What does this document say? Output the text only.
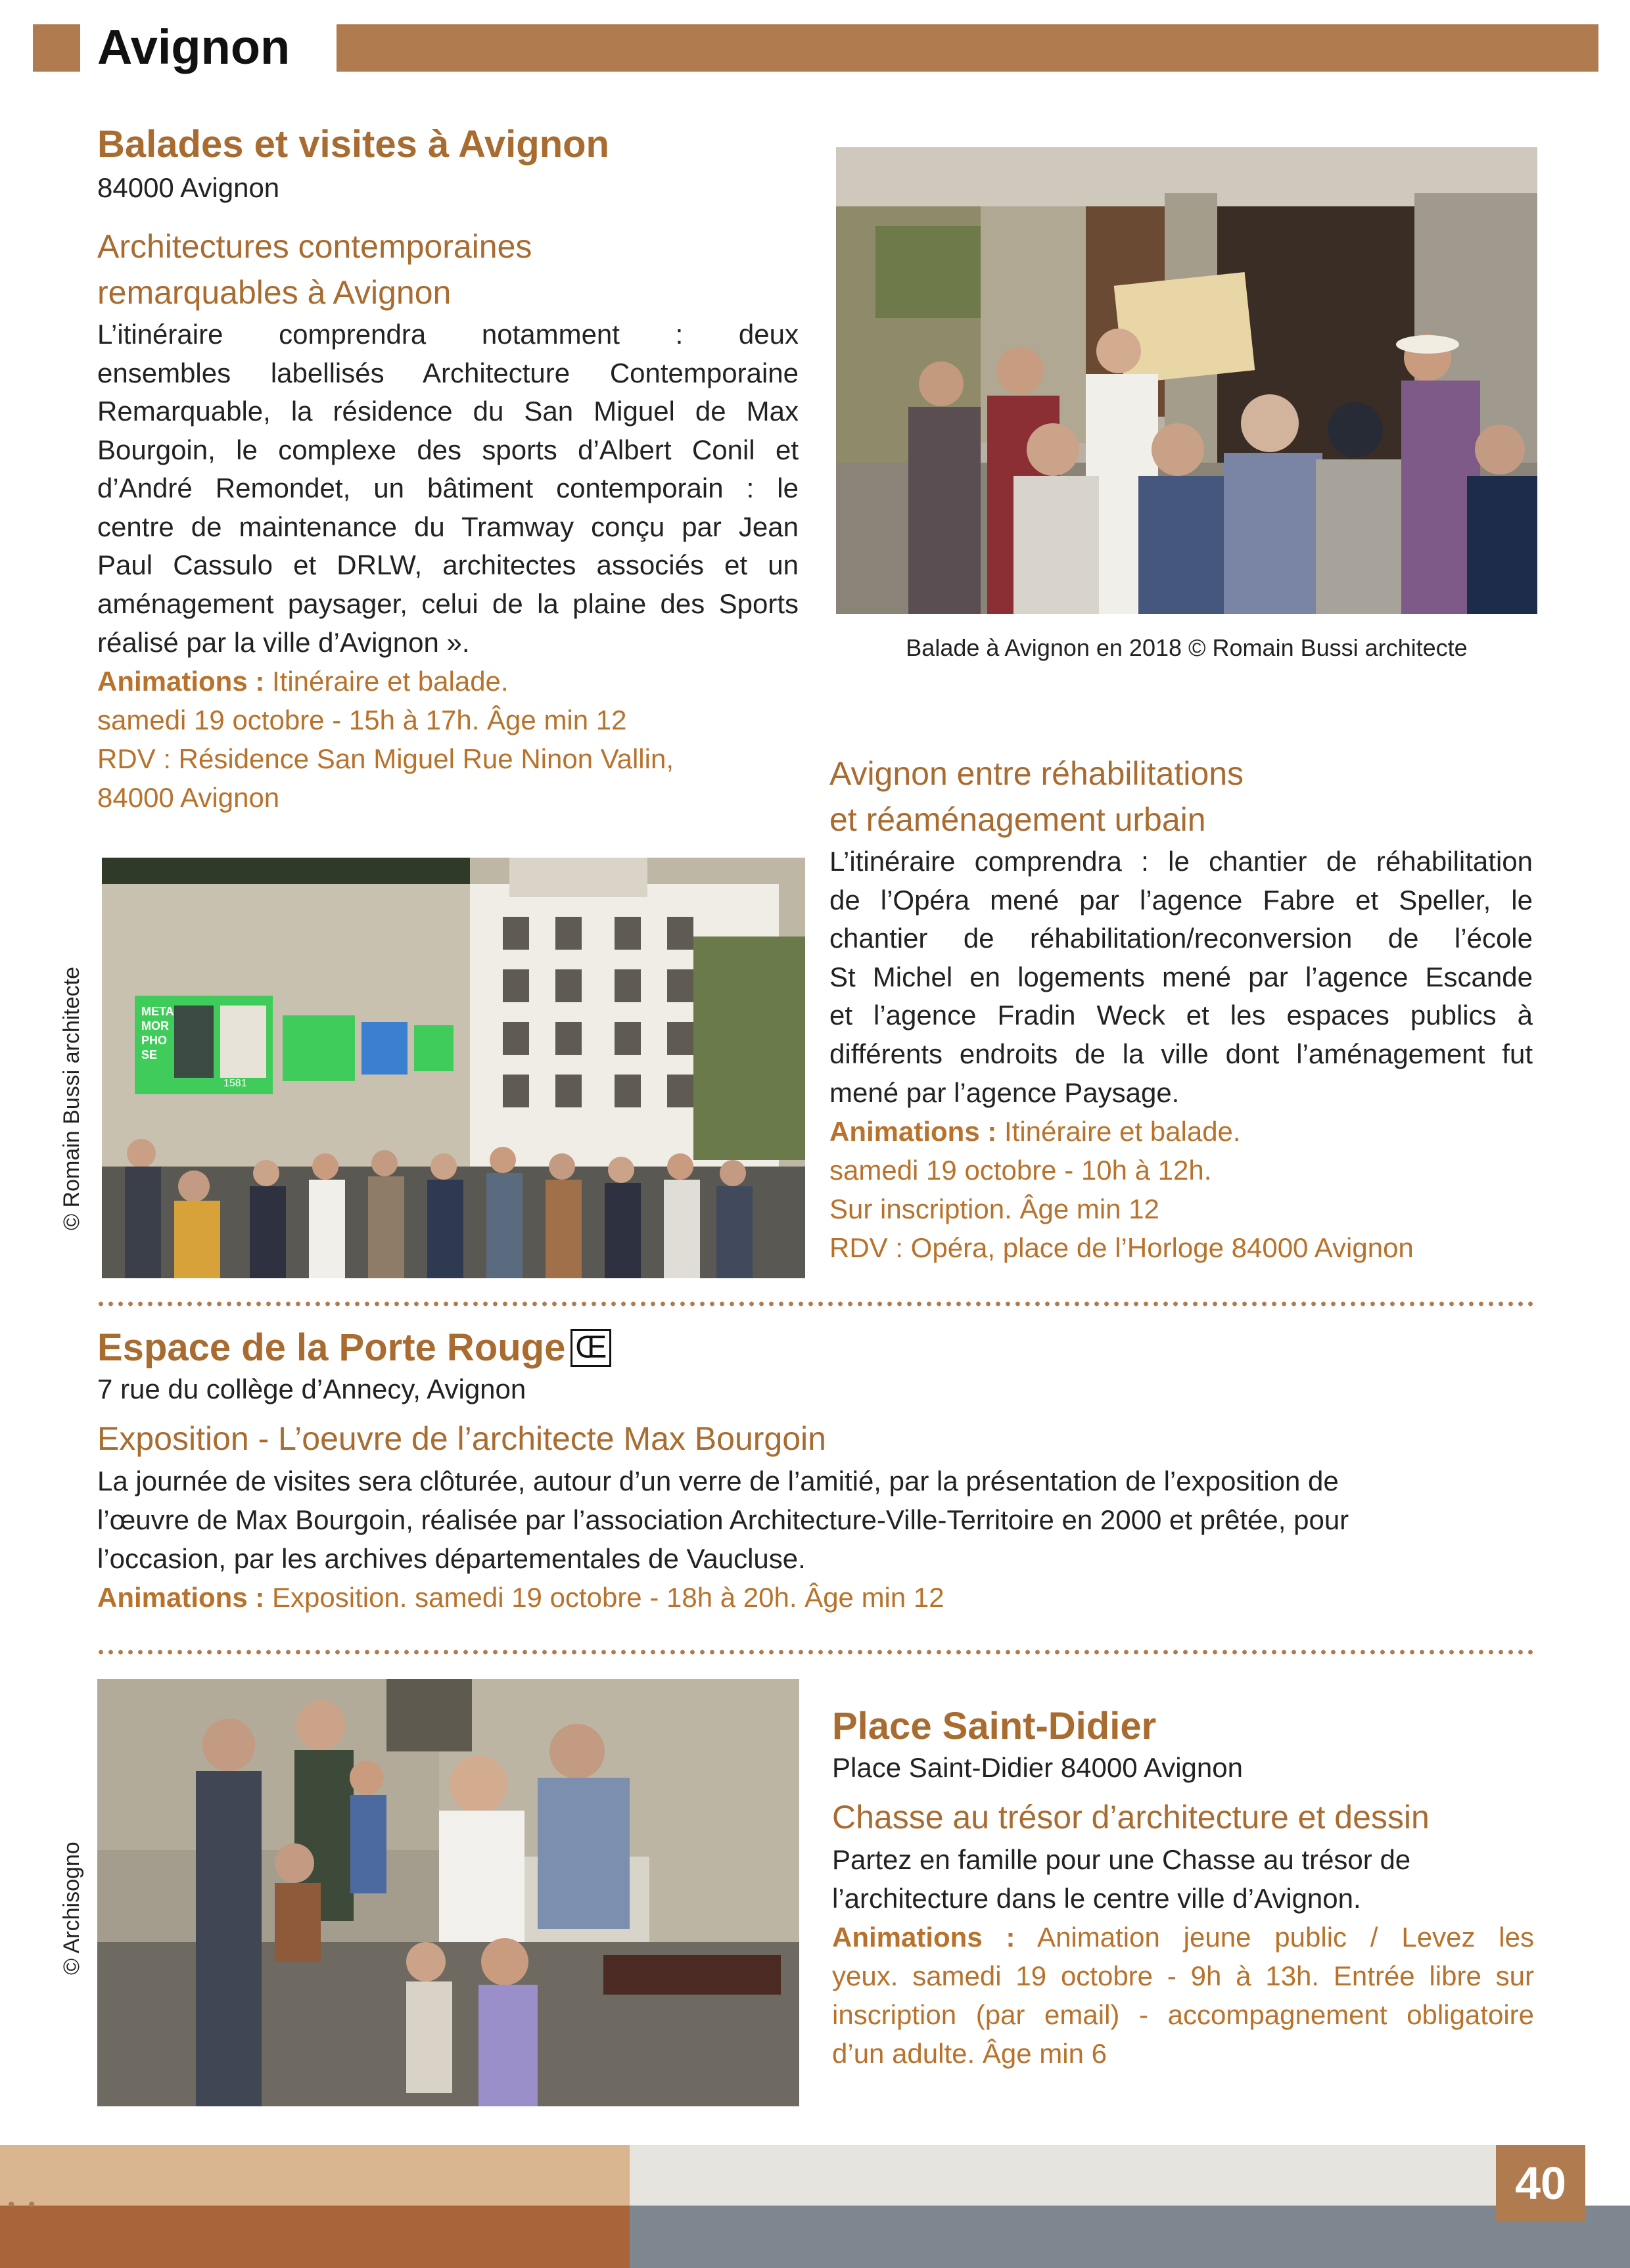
Avignon
Balades et visites à Avignon
84000 Avignon
Architectures contemporaines
remarquables à Avignon
L’itinéraire comprendra notamment : deux
ensembles labellisés Architecture Contemporaine
Remarquable, la résidence du San Miguel de Max
Bourgoin, le complexe des sports d’Albert Conil et
d’André Remondet, un bâtiment contemporain : le
centre de maintenance du Tramway conçu par Jean
Paul Cassulo et DRLW, architectes associés et un
aménagement paysager, celui de la plaine des Sports
réalisé par la ville d’Avignon ».
Animations : Itinéraire et balade.
samedi 19 octobre - 15h à 17h. Âge min 12
RDV : Résidence San Miguel Rue Ninon Vallin,
84000 Avignon
Balade à Avignon en 2018 © Romain Bussi architecte
© Romain Bussi architecte	META
MOR
PHO
SE
1581
Avignon entre réhabilitations
et réaménagement urbain
L’itinéraire comprendra : le chantier de réhabilitation
de l’Opéra mené par l’agence Fabre et Speller, le
chantier de réhabilitation/reconversion de l’école
St Michel en logements mené par l’agence Escande
et l’agence Fradin Weck et les espaces publics à
différents endroits de la ville dont l’aménagement fut
mené par l’agence Paysage.
Animations : Itinéraire et balade.
samedi 19 octobre - 10h à 12h.
Sur inscription. Âge min 12
RDV : Opéra, place de l’Horloge 84000 Avignon
Espace de la Porte Rouge Œ
7 rue du collège d’Annecy, Avignon
Exposition - L’oeuvre de l’architecte Max Bourgoin
La journée de visites sera clôturée, autour d’un verre de l’amitié, par la présentation de l’exposition de
l’œuvre de Max Bourgoin, réalisée par l’association Architecture-Ville-Territoire en 2000 et prêtée, pour
l’occasion, par les archives départementales de Vaucluse.
Animations : Exposition. samedi 19 octobre - 18h à 20h. Âge min 12
© Archisogno
Place Saint-Didier
Place Saint-Didier 84000 Avignon
Chasse au trésor d’architecture et dessin
Partez en famille pour une Chasse au trésor de
l’architecture dans le centre ville d’Avignon.
Animations : Animation jeune public / Levez les
yeux. samedi 19 octobre - 9h à 13h. Entrée libre sur
inscription (par email) - accompagnement obligatoire
d’un adulte. Âge min 6
• •	40
